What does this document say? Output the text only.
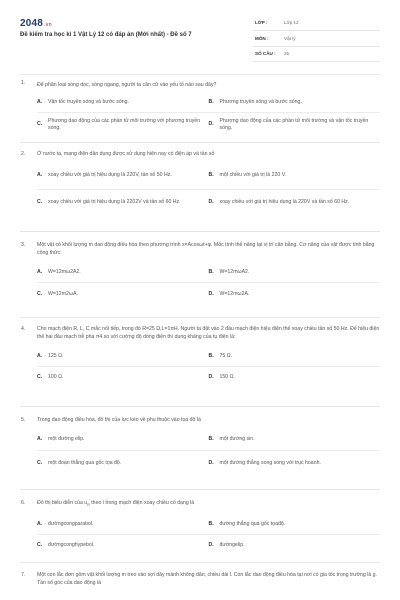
2048.vn
Đề kiểm tra học kì 1 Vật Lý 12 có đáp án (Mới nhất) - Đề số 7
LỚP :	Lớp 12
MÔN :	Vật lý
SỐ CÂU : 25
1. Để phân loại sóng dọc, sóng ngang, người ta căn cứ vào yếu tố nào sau đây?
A.	Vận tốc truyền sóng và bước sóng.	B.	Phương truyền sóng và bước sóng.
C.
Phương dao động của các phần tử môi trường với phương truyền sóng.
D.
Phương dao động của các phần tử môi trường và vận tốc truyền sóng.
2. Ở nước ta, mạng điện dân dụng được sử dụng hiện nay có điện áp và tần số
A.	xoay chiều với giá trị hiệu dụng là 220V, tần số 50 Hz.	B.	một chiều với giá trị là 220 V.
C.	xoay chiều với giá trị hiệu dụng là 2202V và tần số 60 Hz.	D.	xoay chiều với giá trị hiệu dụng là 220V và tần số 60 Hz.
3. Một vật có khối lượng m dao động điều hòa theo phương trình x=Acosωt+φ. Mốc tính thế năng tại vị trí cân bằng. Cơ năng của vật được tính bằng công thức:
A.	W=12mω2A2.	B.	W=12mωA2.
C.	W=12m2ωA.	D.	W=12mω2A.
4. Cho mạch điện R, L, C mắc nối tiếp, trong đó R=25 Ω,L=1πH. Người ta đặt vào 2 đầu mạch điện hiệu điện thế xoay chiều tần số 50 Hz. Để hiệu điện thế hai đầu mạch trễ pha π4 so với cường độ dòng điện thì dung kháng của tụ điện là:
A.	125 Ω.	B.	75 Ω.
C.	100 Ω.	D.	150 Ω.
5. Trong dao động điều hòa, đồ thị của lực kéo về phụ thuộc vào tọa độ là
A.	một đường elip.	B.	một đường sin.
C.	một đoạn thẳng qua gốc tọa độ.	D.	một đường thẳng song song với trục hoành.
6. Đồ thị biểu diễn của $u_R$ theo i trong mạch điện xoay chiều có dạng là
A.	đườngcongparabol.	B.	đường thẳng qua gốc tọađộ.
C.	đườngconghypebol.	D.	đườngelip.
7. Một con lắc đơn gồm vật khối lượng m treo vào sợi dây mảnh không dãn, chiều dài l. Con lắc dao động điều hòa tại nơi có gia tốc trọng trường là g. Tần số góc của dao động là
